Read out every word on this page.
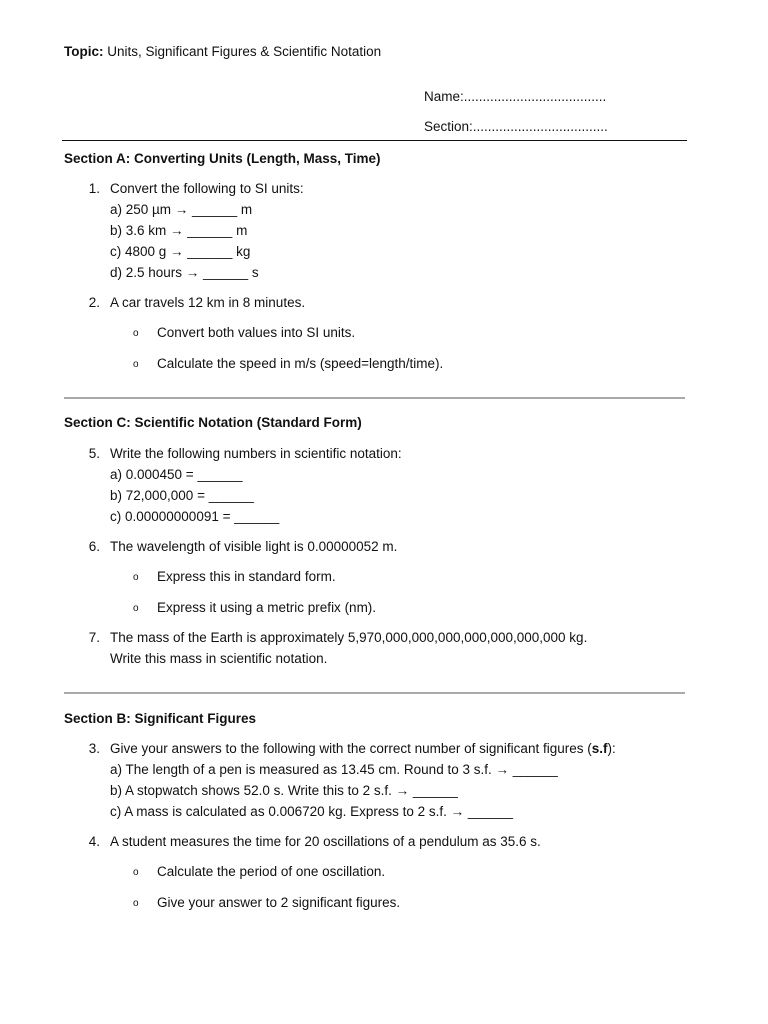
Topic: Units, Significant Figures & Scientific Notation
Name:......................................
Section:....................................
Section A: Converting Units (Length, Mass, Time)
1. Convert the following to SI units:
a) 250 µm → ______ m
b) 3.6 km → ______ m
c) 4800 g → ______ kg
d) 2.5 hours → ______ s
2. A car travels 12 km in 8 minutes.
o Convert both values into SI units.
o Calculate the speed in m/s (speed=length/time).
Section C: Scientific Notation (Standard Form)
5. Write the following numbers in scientific notation:
a) 0.000450 = ______
b) 72,000,000 = ______
c) 0.00000000091 = ______
6. The wavelength of visible light is 0.00000052 m.
o Express this in standard form.
o Express it using a metric prefix (nm).
7. The mass of the Earth is approximately 5,970,000,000,000,000,000,000,000 kg.
Write this mass in scientific notation.
Section B: Significant Figures
3. Give your answers to the following with the correct number of significant figures (s.f):
a) The length of a pen is measured as 13.45 cm. Round to 3 s.f. → ______
b) A stopwatch shows 52.0 s. Write this to 2 s.f. → ______
c) A mass is calculated as 0.006720 kg. Express to 2 s.f. → ______
4. A student measures the time for 20 oscillations of a pendulum as 35.6 s.
o Calculate the period of one oscillation.
o Give your answer to 2 significant figures.
